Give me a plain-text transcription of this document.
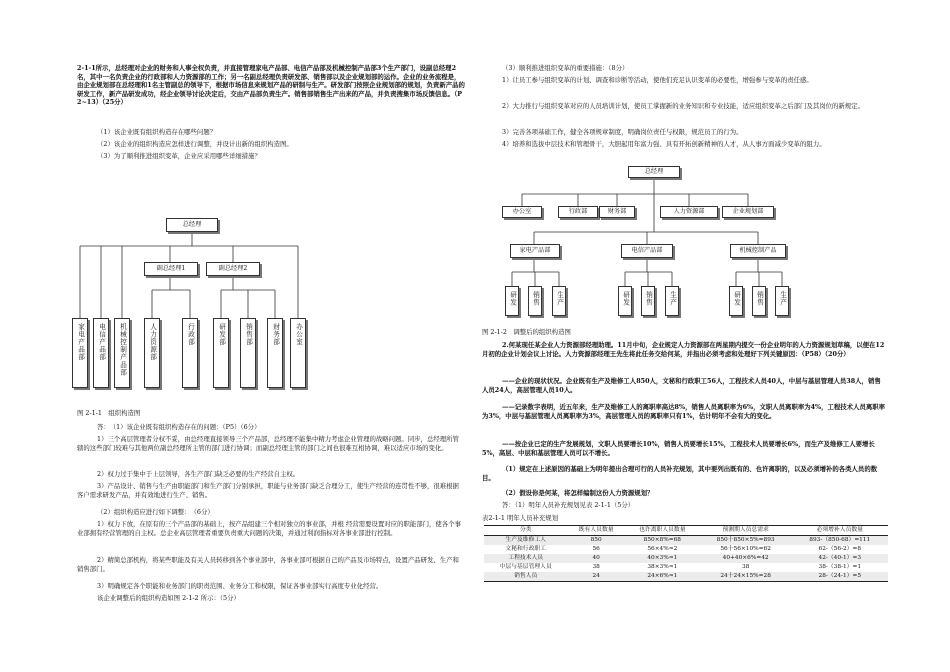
2-1-1所示，总经理对企业的财务和人事全权负责，并直接管理家电产品部、电信产品部及机械控制产品部3个生产部门，设副总经理2名，其中一名负责企业的行政部和人力资源部的工作；另一名副总经理负责研发部、销售部以及企业规划部的运作。企业的业务流程是，由企业规划部在总经理和1名主管副总的领导下，根据市场信息来规划产品的研制与生产。研发部门按照企业规划部的规划，负责新产品的研发工作，新产品研发成功，经企业领导讨论决定后，交由产品部负责生产。销售部销售生产出来的产品，并负责搜集市场反馈信息。（P2~13）（25分）
（1）该企业既有组织构造存在哪些问题？
（2）该企业的组织构造应怎样进行调整，并设计出新的组织构造图。
（3）为了顺利推进组织变革，企业应采用哪些详细措施？
总经理
副总经理1	副总经理2
家电产品部	电信产品部	机械控制产品部	人力资源部	行政部	研发部	销售部	财务部	办公室
图 2-1-1　组织构造图
答：　（1）该企业既有组织构造存在的问题：（P5）（6分）
1）三个高层管理者分权不妥，由总经理直接领导三个产品部，总经理不能集中精力考虑企业管理的战略问题。同步，总经理所管辖的这些部门较难与其他两位副总经理所主管的部门进行协调；而副总经理主管的部门之间也很难互相协调，难以适应市场的变化。
2）权力过于集中于上层领导，各生产部门缺乏必要的生产经营自主权。
3）产品设计、销售与生产由职能部门和生产部门分别承担，职能与业务部门缺乏合理分工，使生产经营的连贯性不够，很难根据客户需求研发产品，并有效地进行生产、销售。
（2）组织构造应进行如下调整：　（6分）
1）权力下放，在原有的三个产品部的基础上，按产品组建三个相对独立的事业部，并根 经营需要设置对应的职能部门，使各个事业部拥有经营管理的自主权。总企业高层管理者重要负责重大问题的决策，并通过利润指标对各事业部进行控制。
2）精简总部机构，将某些职能及有关人员转移到各个事业部中，各事业部可根据自己的产品及市场特点，设置产品研发、生产和销售部门。
3）明确规定各个职能和业务部门的职责范围、业务分工和权限，保证各事业部实行高度专业化经营。
该企业调整后的组织构造如图 2-1-2 所示：（5分）
（3）顺利推进组织变革的重要措施：（8分）
1）让员工参与组织变革的计划、调查和诊断等活动，使他们充足认识变革的必要性，增强参与变革的责任感。
2）大力推行与组织变革对应的人员培训计划，使员工掌握新的业务知识和专业技能，适应组织变革之后部门及其岗位的新规定。
3）完善各项基础工作，健全各项规章制度，明确岗位责任与权限，规范员工的行为。
4）培养和选拔中层技术和管理骨干，大胆起用年富力强、具有开拓创新精神的人才，从人事方面减少变革的阻力。
总经理
办公室	行政部	财务部	人力资源部	企业规划部
家电产品部	电信产品部	机械控制产品
研发	销售	生产	研发	销售	生产	研发	销售	生产
图 2-1-2　调整后的组织构造图
2.何某现任某企业人力资源部经理助理。11月中旬，企业规定人力资源部在两星期内提交一份企业明年的人力资源规划草稿，以便在12月初的企业计划会议上讨论。人力资源部经理王先生将此任务交给何某，并指出必须考虑和处理好下列关键原因：（P58）（20分）
——企业的现状状况。企业既有生产及维修工人850人，文秘和行政职工56人，工程技术人员40人，中层与基层管理人员38人，销售人员24人，高层管理人员10人。
——记录数字表明，近五年来，生产及维修工人的离职率高达8%，销售人员离职率为6%，文职人员离职率为4%，工程技术人员离职率为3%，中层与基层管理人员离职率为3%，高层管理人员的离职率只有1%，估计明年不会有大的变化。
——按企业已定的生产发展规划，文职人员要增长10%，销售人员要增长15%，工程技术人员要增长6%，而生产及维修工人要增长5%，高层、中层和基层管理人员可以不增长。
（1）规定在上述原因的基础上为明年提出合理可行的人员补充规划，其中要列出既有的、也许离职的，以及必须增补的各类人员的数目。
（2）假设你是何某，将怎样编制这份人力资源规划？
答：（1）明年人员补充规划见表 2-1-1（5分）
表2-1-1 明年人员补充规划
分类	既有人员数量	也许离职人员数量	预测期人员总需求	必须增补人员数量
生产及维修工人	850	850×8%=68	850十850×5%=893	893-（850-68）=111
文秘和行政职工	56	56×4%≈2	56十56×10%=62	62-（56-2）=8
工程技术人员	40	40×3%≈1	40+40×6%=42	42-（40-1）=3
中层与基层管理人员	38	38×3%≈1	38	38-（38-1）=1
销售人员	24	24×6%≈1	24十24×15%=28	28-（24-1）=5
